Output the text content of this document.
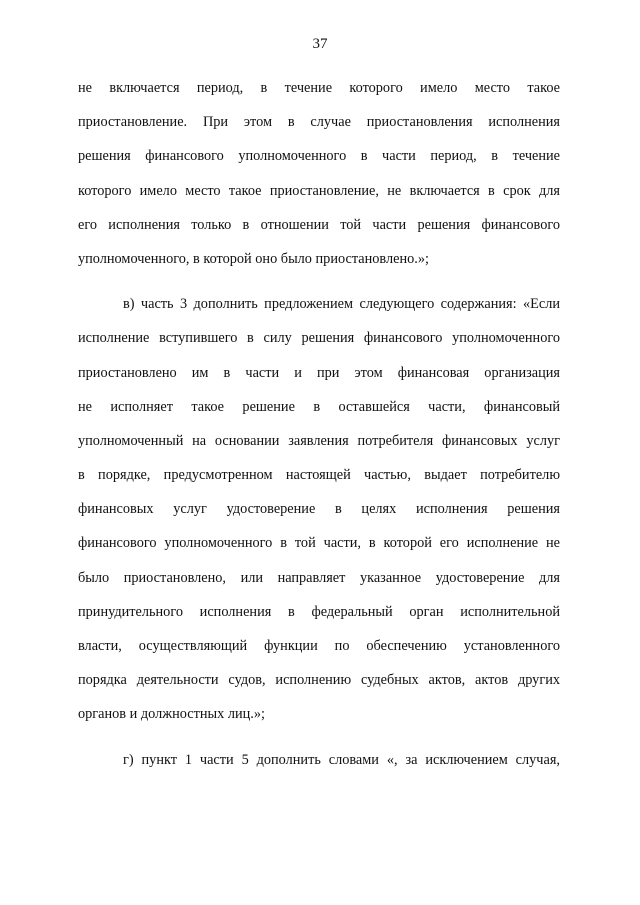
37
не включается период, в течение которого имело место такое
приостановление. При этом в случае приостановления исполнения
решения финансового уполномоченного в части период, в течение
которого имело место такое приостановление, не включается в срок для
его исполнения только в отношении той части решения финансового
уполномоченного, в которой оно было приостановлено.»;
в) часть 3 дополнить предложением следующего содержания: «Если
исполнение вступившего в силу решения финансового уполномоченного
приостановлено им в части и при этом финансовая организация
не исполняет такое решение в оставшейся части, финансовый
уполномоченный на основании заявления потребителя финансовых услуг
в порядке, предусмотренном настоящей частью, выдает потребителю
финансовых услуг удостоверение в целях исполнения решения
финансового уполномоченного в той части, в которой его исполнение не
было приостановлено, или направляет указанное удостоверение для
принудительного исполнения в федеральный орган исполнительной
власти, осуществляющий функции по обеспечению установленного
порядка деятельности судов, исполнению судебных актов, актов других
органов и должностных лиц.»;
г) пункт 1 части 5 дополнить словами «, за исключением случая,
